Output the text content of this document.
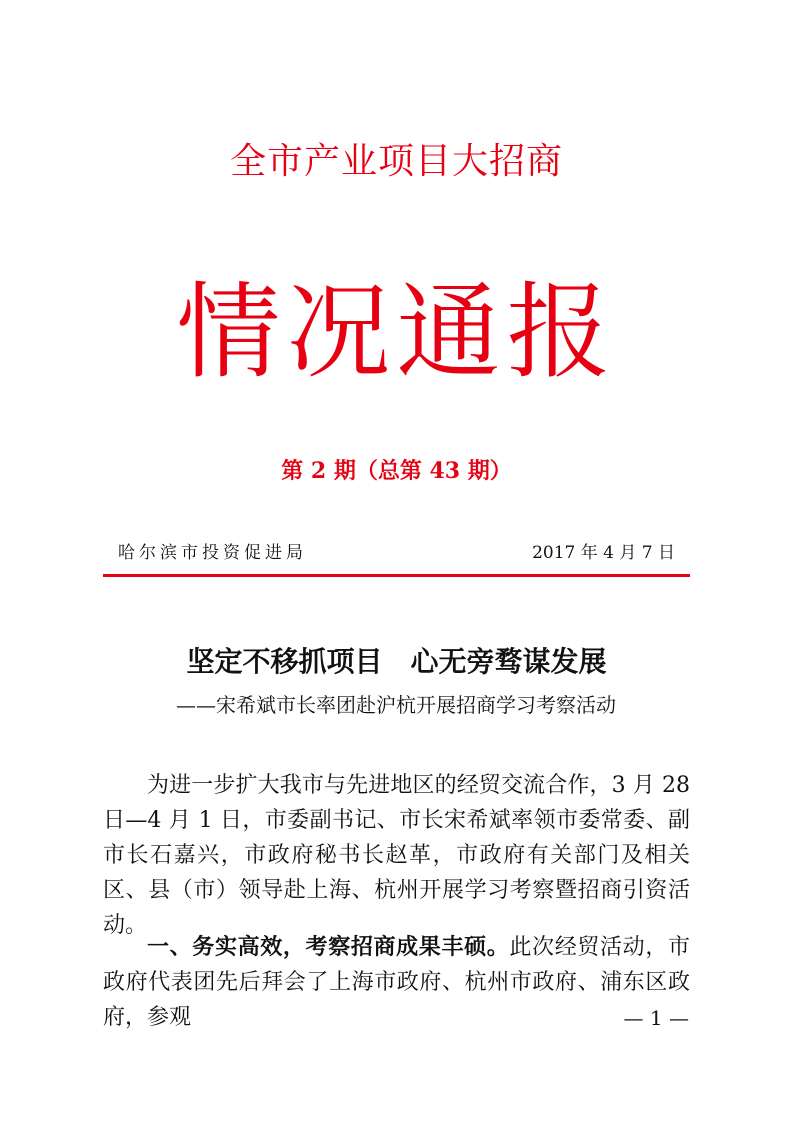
全市产业项目大招商
情况通报
第 2 期（总第 43 期）
哈尔滨市投资促进局	2017 年 4 月 7 日
坚定不移抓项目　心无旁骛谋发展
——宋希斌市长率团赴沪杭开展招商学习考察活动
为进一步扩大我市与先进地区的经贸交流合作，3 月 28 日—4 月 1 日，市委副书记、市长宋希斌率领市委常委、副市长石嘉兴，市政府秘书长赵革，市政府有关部门及相关区、县（市）领导赴上海、杭州开展学习考察暨招商引资活动。
一、务实高效，考察招商成果丰硕。此次经贸活动，市政府代表团先后拜会了上海市政府、杭州市政府、浦东区政府，参观	— 1 —
